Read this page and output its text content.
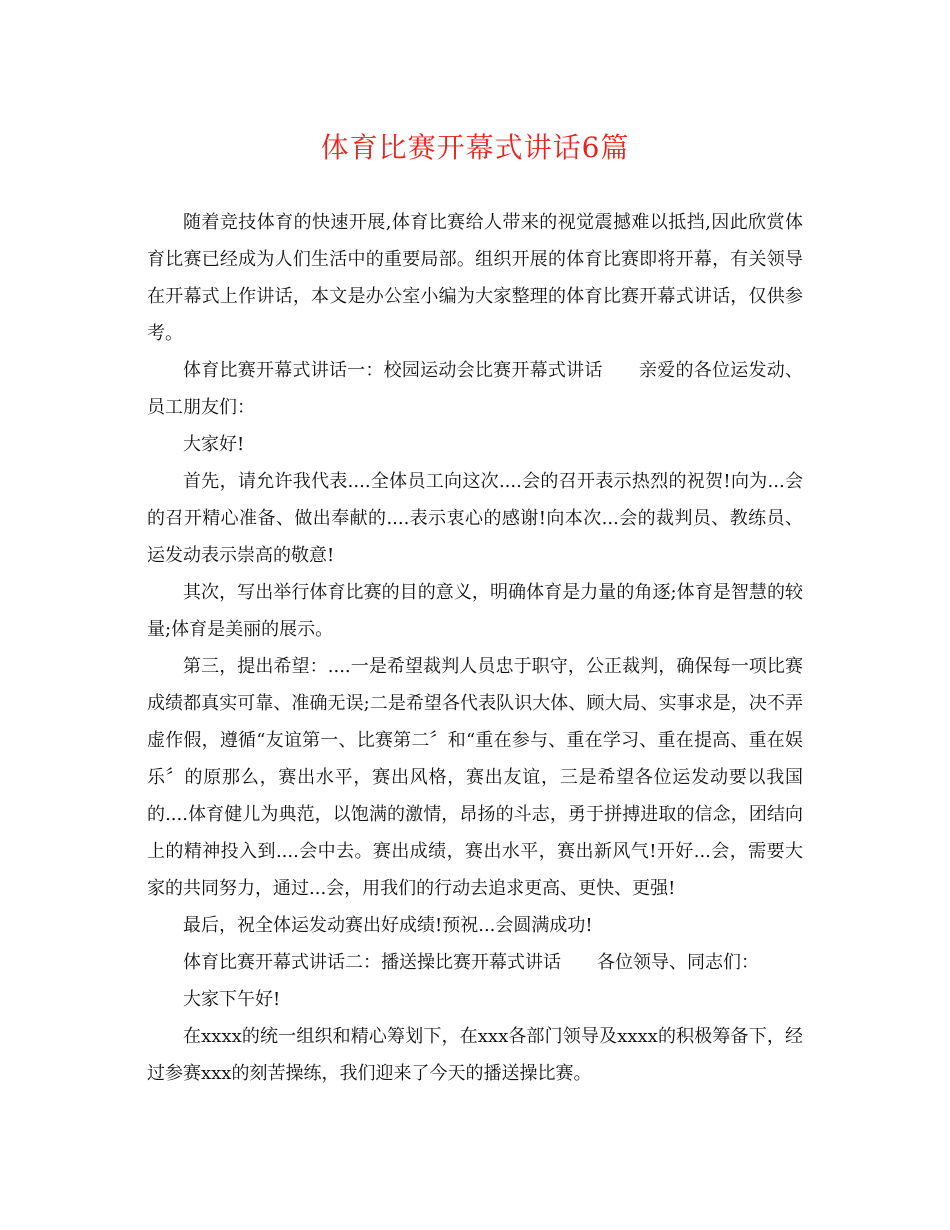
体育比赛开幕式讲话6篇

随着竞技体育的快速开展,体育比赛给人带来的视觉震撼难以抵挡,因此欣赏体育比赛已经成为人们生活中的重要局部。组织开展的体育比赛即将开幕，有关领导在开幕式上作讲话，本文是办公室小编为大家整理的体育比赛开幕式讲话，仅供参考。

体育比赛开幕式讲话一：校园运动会比赛开幕式讲话　　亲爱的各位运发动、员工朋友们：

大家好!

首先，请允许我代表....全体员工向这次....会的召开表示热烈的祝贺!向为...会的召开精心准备、做出奉献的....表示衷心的感谢!向本次...会的裁判员、教练员、运发动表示崇高的敬意!

其次，写出举行体育比赛的目的意义，明确体育是力量的角逐;体育是智慧的较量;体育是美丽的展示。

第三，提出希望：....一是希望裁判人员忠于职守，公正裁判，确保每一项比赛成绩都真实可靠、准确无误;二是希望各代表队识大体、顾大局、实事求是，决不弄虚作假，遵循“友谊第一、比赛第二〞和“重在参与、重在学习、重在提高、重在娱乐〞的原那么，赛出水平，赛出风格，赛出友谊，三是希望各位运发动要以我国的....体育健儿为典范，以饱满的激情，昂扬的斗志，勇于拼搏进取的信念，团结向上的精神投入到....会中去。赛出成绩，赛出水平，赛出新风气!开好...会，需要大家的共同努力，通过...会，用我们的行动去追求更高、更快、更强!

最后，祝全体运发动赛出好成绩!预祝...会圆满成功!

体育比赛开幕式讲话二：播送操比赛开幕式讲话　　各位领导、同志们：

大家下午好!

在xxxx的统一组织和精心筹划下，在xxx各部门领导及xxxx的积极筹备下，经过参赛xxx的刻苦操练，我们迎来了今天的播送操比赛。
